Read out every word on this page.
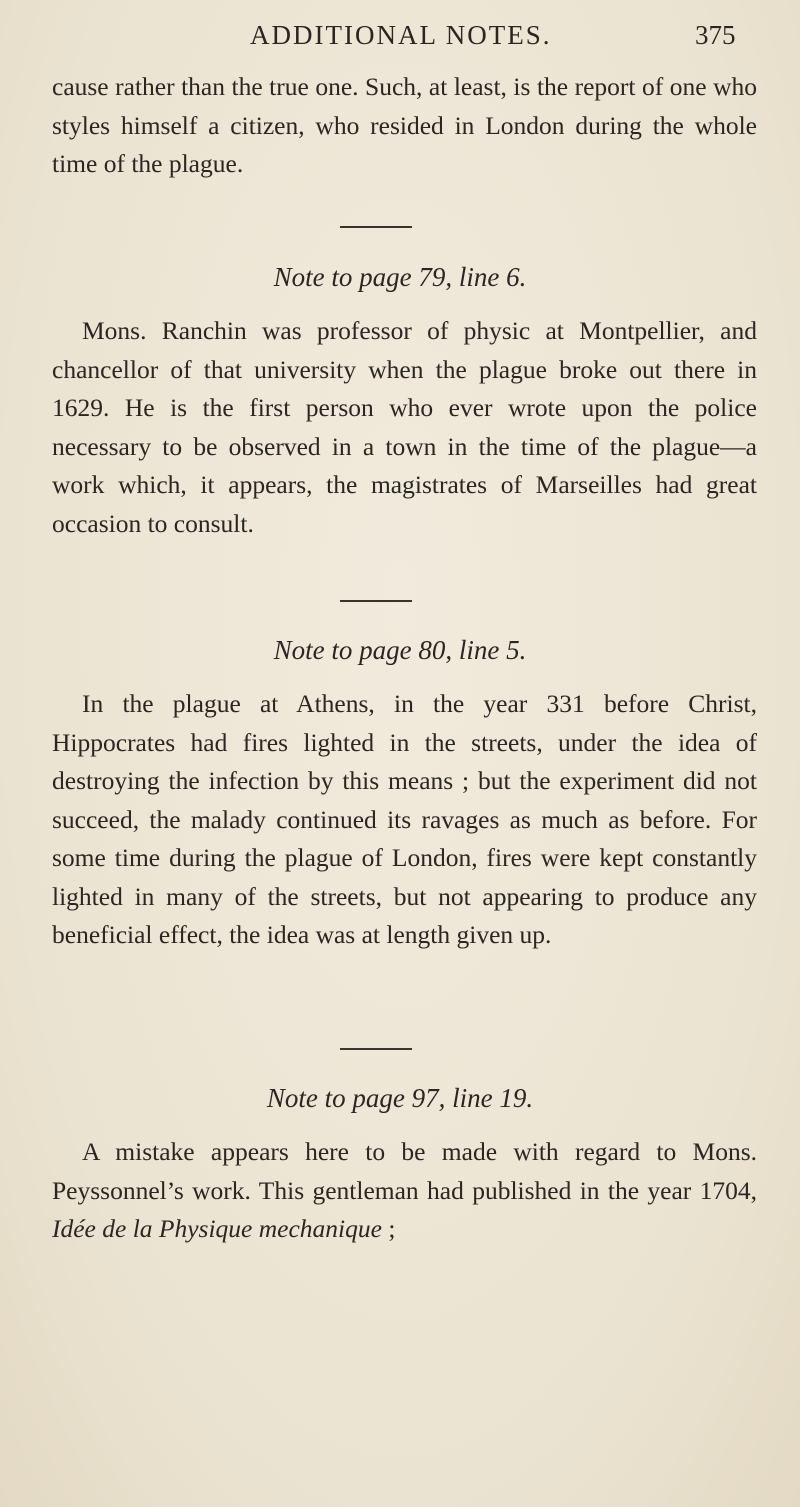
ADDITIONAL NOTES.	375

cause rather than the true one. Such, at least, is the report of one who styles himself a citizen, who resided in London during the whole time of the plague.

Note to page 79, line 6.

Mons. Ranchin was professor of physic at Montpellier, and chancellor of that university when the plague broke out there in 1629. He is the first person who ever wrote upon the police necessary to be observed in a town in the time of the plague—a work which, it appears, the magistrates of Marseilles had great occasion to consult.

Note to page 80, line 5.

In the plague at Athens, in the year 331 before Christ, Hippocrates had fires lighted in the streets, under the idea of destroying the infection by this means ; but the experiment did not succeed, the malady continued its ravages as much as before. For some time during the plague of London, fires were kept constantly lighted in many of the streets, but not appearing to produce any beneficial effect, the idea was at length given up.

Note to page 97, line 19.

A mistake appears here to be made with regard to Mons. Peyssonnel’s work. This gentleman had published in the year 1704, Idée de la Physique mechanique ;
